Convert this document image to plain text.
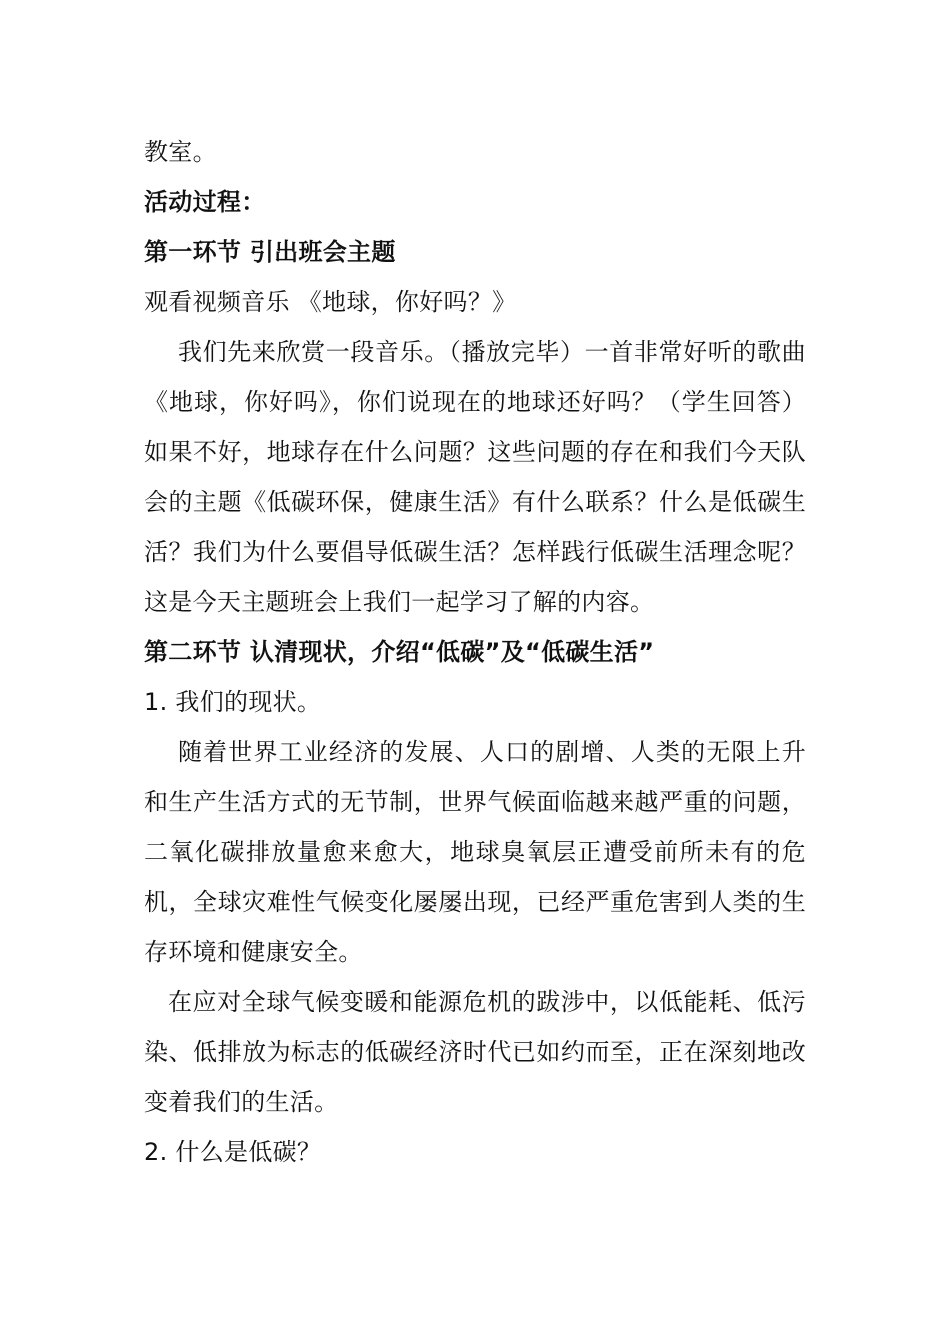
教室。
活动过程：
第一环节 引出班会主题
观看视频音乐 《地球，你好吗？》

我们先来欣赏一段音乐。（播放完毕）一首非常好听的歌曲《地球，你好吗》，你们说现在的地球还好吗？（学生回答）如果不好，地球存在什么问题？这些问题的存在和我们今天队会的主题《低碳环保，健康生活》有什么联系？什么是低碳生活？我们为什么要倡导低碳生活？怎样践行低碳生活理念呢？这是今天主题班会上我们一起学习了解的内容。

第二环节 认清现状，介绍“低碳”及“低碳生活”
1. 我们的现状。

随着世界工业经济的发展、人口的剧增、人类的无限上升和生产生活方式的无节制，世界气候面临越来越严重的问题，二氧化碳排放量愈来愈大，地球臭氧层正遭受前所未有的危机，全球灾难性气候变化屡屡出现，已经严重危害到人类的生存环境和健康安全。

在应对全球气候变暖和能源危机的跋涉中，以低能耗、低污染、低排放为标志的低碳经济时代已如约而至，正在深刻地改变着我们的生活。

2. 什么是低碳？
